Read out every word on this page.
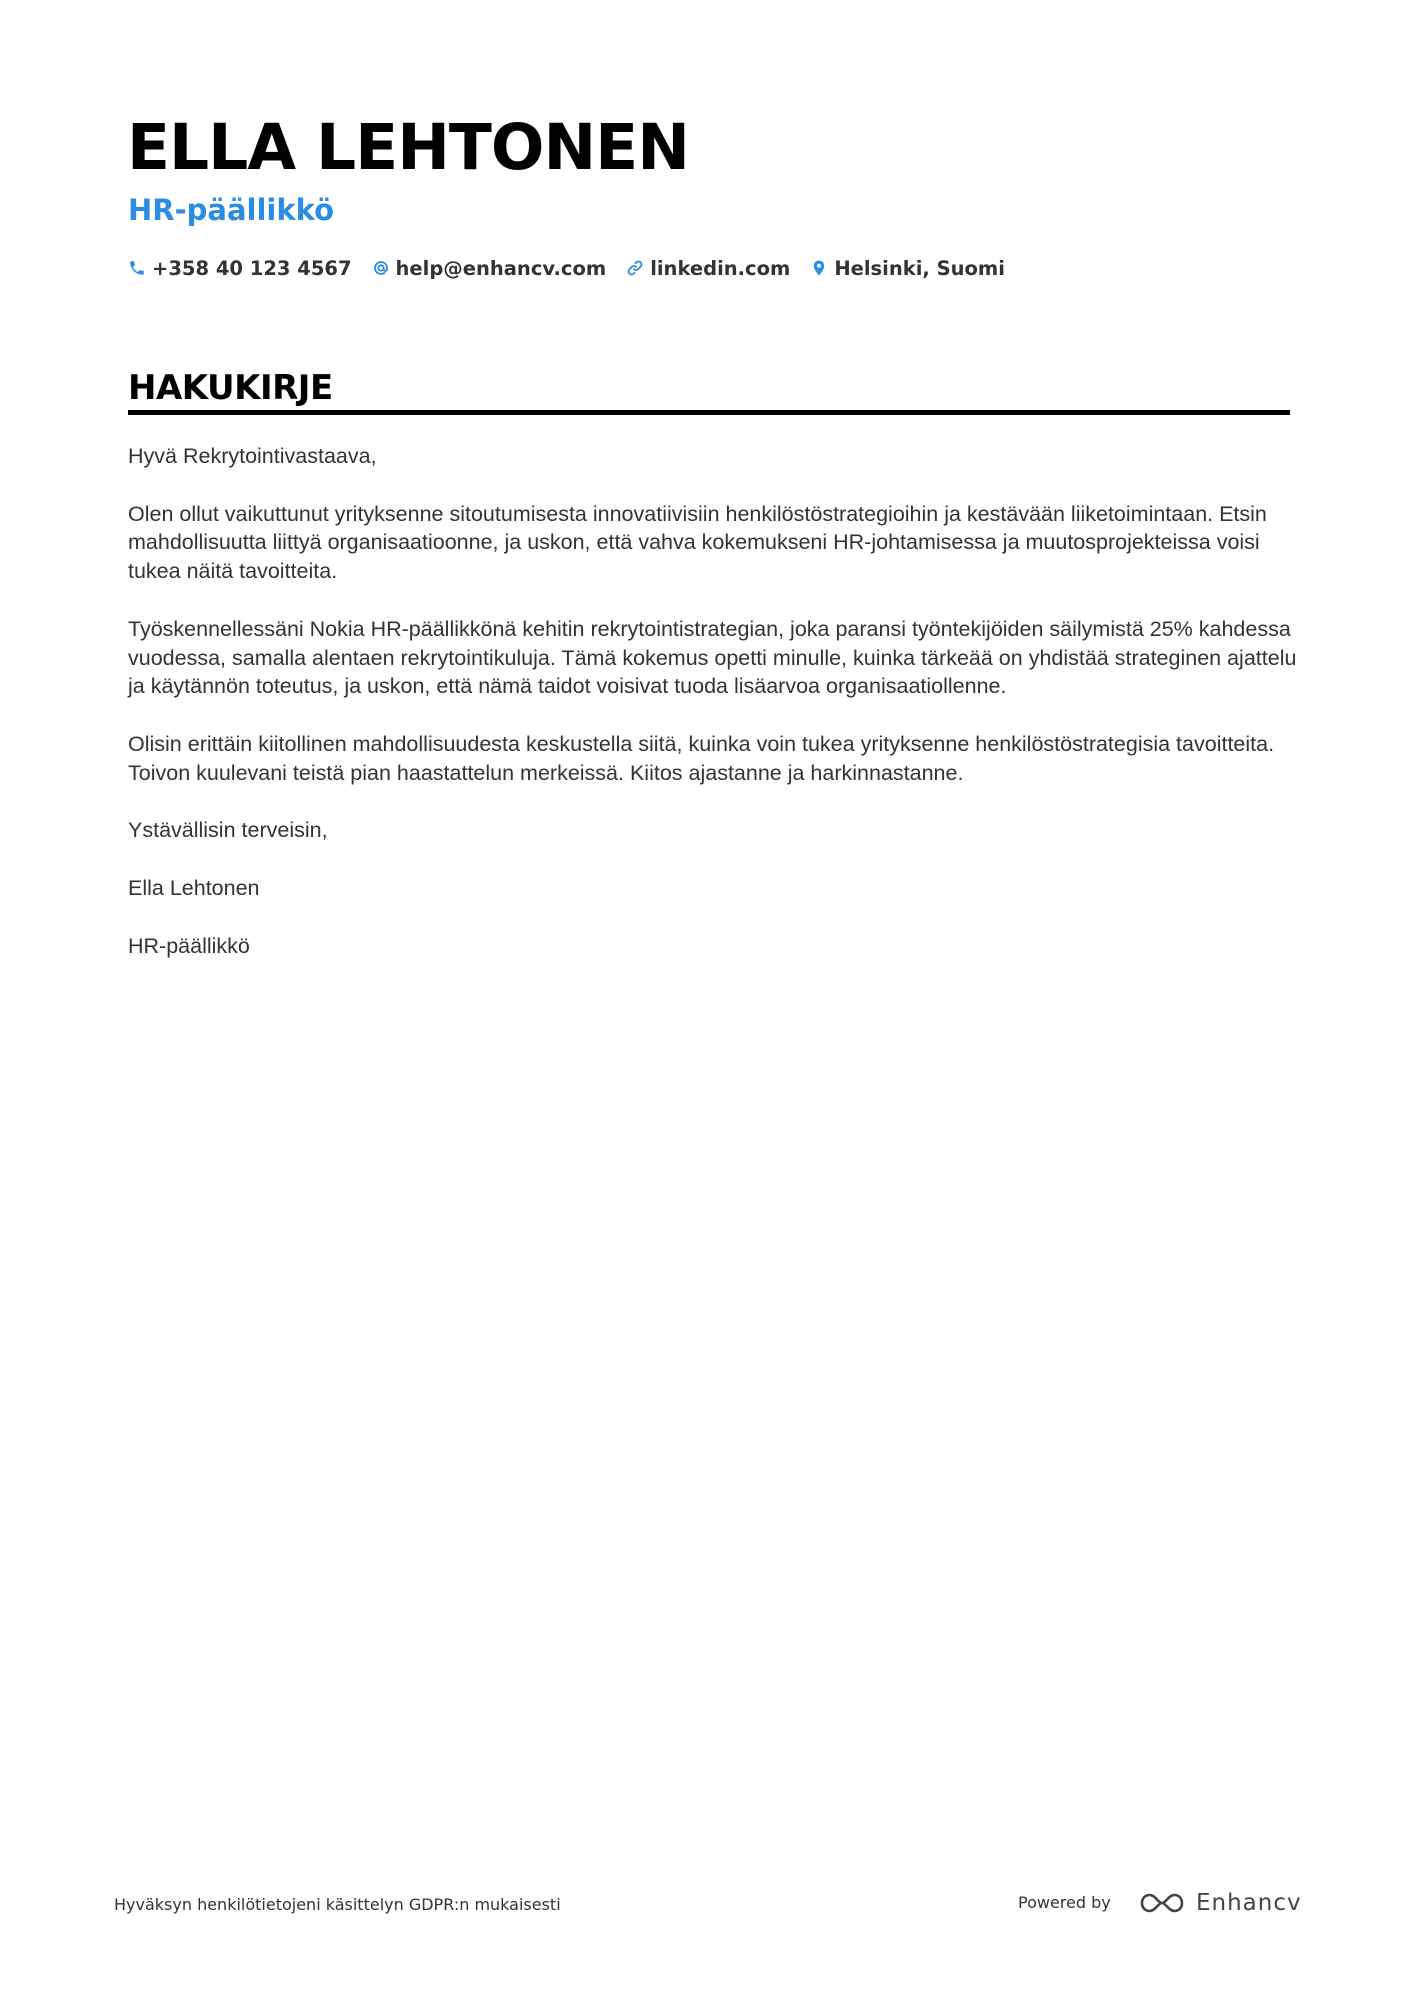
ELLA LEHTONEN
HR-päällikkö
+358 40 123 4567 help@enhancv.com linkedin.com Helsinki, Suomi
HAKUKIRJE

Hyvä Rekrytointivastaava,

Olen ollut vaikuttunut yrityksenne sitoutumisesta innovatiivisiin henkilöstöstrategioihin ja kestävään liiketoimintaan. Etsin mahdollisuutta liittyä organisaatioonne, ja uskon, että vahva kokemukseni HR-johtamisessa ja muutosprojekteissa voisi tukea näitä tavoitteita.

Työskennellessäni Nokia HR-päällikkönä kehitin rekrytointistrategian, joka paransi työntekijöiden säilymistä 25% kahdessa vuodessa, samalla alentaen rekrytointikuluja. Tämä kokemus opetti minulle, kuinka tärkeää on yhdistää strateginen ajattelu ja käytännön toteutus, ja uskon, että nämä taidot voisivat tuoda lisäarvoa organisaatiollenne.

Olisin erittäin kiitollinen mahdollisuudesta keskustella siitä, kuinka voin tukea yrityksenne henkilöstöstrategisia tavoitteita. Toivon kuulevani teistä pian haastattelun merkeissä. Kiitos ajastanne ja harkinnastanne.

Ystävällisin terveisin,

Ella Lehtonen

HR-päällikkö

Hyväksyn henkilötietojeni käsittelyn GDPR:n mukaisesti	Powered by	Enhancv
